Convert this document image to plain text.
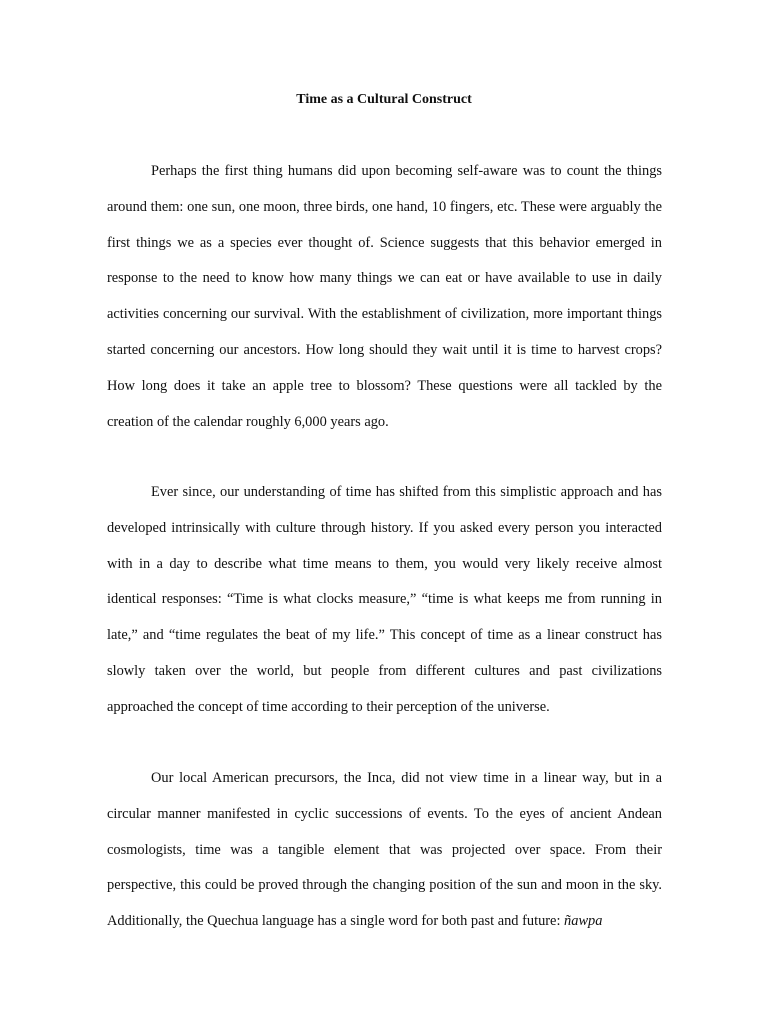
Time as a Cultural Construct

Perhaps the first thing humans did upon becoming self-aware was to count the things around them: one sun, one moon, three birds, one hand, 10 fingers, etc. These were arguably the first things we as a species ever thought of. Science suggests that this behavior emerged in response to the need to know how many things we can eat or have available to use in daily activities concerning our survival. With the establishment of civilization, more important things started concerning our ancestors. How long should they wait until it is time to harvest crops? How long does it take an apple tree to blossom? These questions were all tackled by the creation of the calendar roughly 6,000 years ago.

Ever since, our understanding of time has shifted from this simplistic approach and has developed intrinsically with culture through history. If you asked every person you interacted with in a day to describe what time means to them, you would very likely receive almost identical responses: “Time is what clocks measure,” “time is what keeps me from running in late,” and “time regulates the beat of my life.” This concept of time as a linear construct has slowly taken over the world, but people from different cultures and past civilizations approached the concept of time according to their perception of the universe.

Our local American precursors, the Inca, did not view time in a linear way, but in a circular manner manifested in cyclic successions of events. To the eyes of ancient Andean cosmologists, time was a tangible element that was projected over space. From their perspective, this could be proved through the changing position of the sun and moon in the sky. Additionally, the Quechua language has a single word for both past and future: ñawpa
